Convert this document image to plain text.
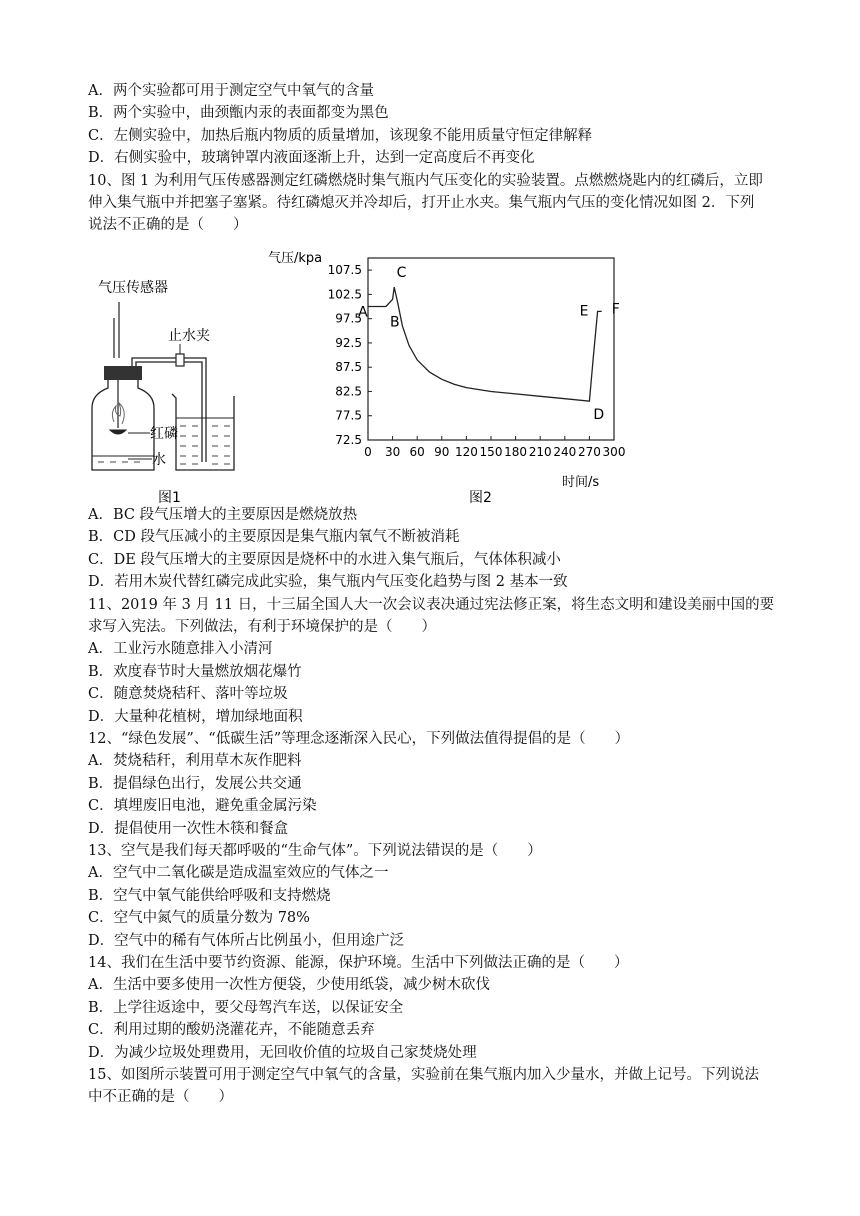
A．两个实验都可用于测定空气中氧气的含量
B．两个实验中，曲颈甑内汞的表面都变为黑色
C．左侧实验中，加热后瓶内物质的质量增加，该现象不能用质量守恒定律解释
D．右侧实验中，玻璃钟罩内液面逐渐上升，达到一定高度后不再变化
10、图 1 为利用气压传感器测定红磷燃烧时集气瓶内气压变化的实验装置。点燃燃烧匙内的红磷后，立即
伸入集气瓶中并把塞子塞紧。待红磷熄灭并冷却后，打开止水夹。集气瓶内气压的变化情况如图 2．下列
说法不正确的是（　　）
气压传感器
止水夹
红磷
水
图1
气压/kpa
时间/s
图2
107.5
102.5
97.5
92.5
87.5
82.5
77.5
72.5
0 30 60 90 120 150 180 210 240 270 300
A
B
C
D
E F
A．BC 段气压增大的主要原因是燃烧放热
B．CD 段气压减小的主要原因是集气瓶内氧气不断被消耗
C．DE 段气压增大的主要原因是烧杯中的水进入集气瓶后，气体体积减小
D．若用木炭代替红磷完成此实验，集气瓶内气压变化趋势与图 2 基本一致
11、2019 年 3 月 11 日，十三届全国人大一次会议表决通过宪法修正案，将生态文明和建设美丽中国的要
求写入宪法。下列做法，有利于环境保护的是（　　）
A．工业污水随意排入小清河
B．欢度春节时大量燃放烟花爆竹
C．随意焚烧秸秆、落叶等垃圾
D．大量种花植树，增加绿地面积
12、“绿色发展”、“低碳生活”等理念逐渐深入民心，下列做法值得提倡的是（　　）
A．焚烧秸秆，利用草木灰作肥料
B．提倡绿色出行，发展公共交通
C．填埋废旧电池，避免重金属污染
D．提倡使用一次性木筷和餐盒
13、空气是我们每天都呼吸的“生命气体”。下列说法错误的是（　　）
A．空气中二氧化碳是造成温室效应的气体之一
B．空气中氧气能供给呼吸和支持燃烧
C．空气中氮气的质量分数为 78%
D．空气中的稀有气体所占比例虽小，但用途广泛
14、我们在生活中要节约资源、能源，保护环境。生活中下列做法正确的是（　　）
A．生活中要多使用一次性方便袋，少使用纸袋，减少树木砍伐
B．上学往返途中，要父母驾汽车送，以保证安全
C．利用过期的酸奶浇灌花卉，不能随意丢弃
D．为减少垃圾处理费用，无回收价值的垃圾自己家焚烧处理
15、如图所示装置可用于测定空气中氧气的含量，实验前在集气瓶内加入少量水，并做上记号。下列说法
中不正确的是（　　）
